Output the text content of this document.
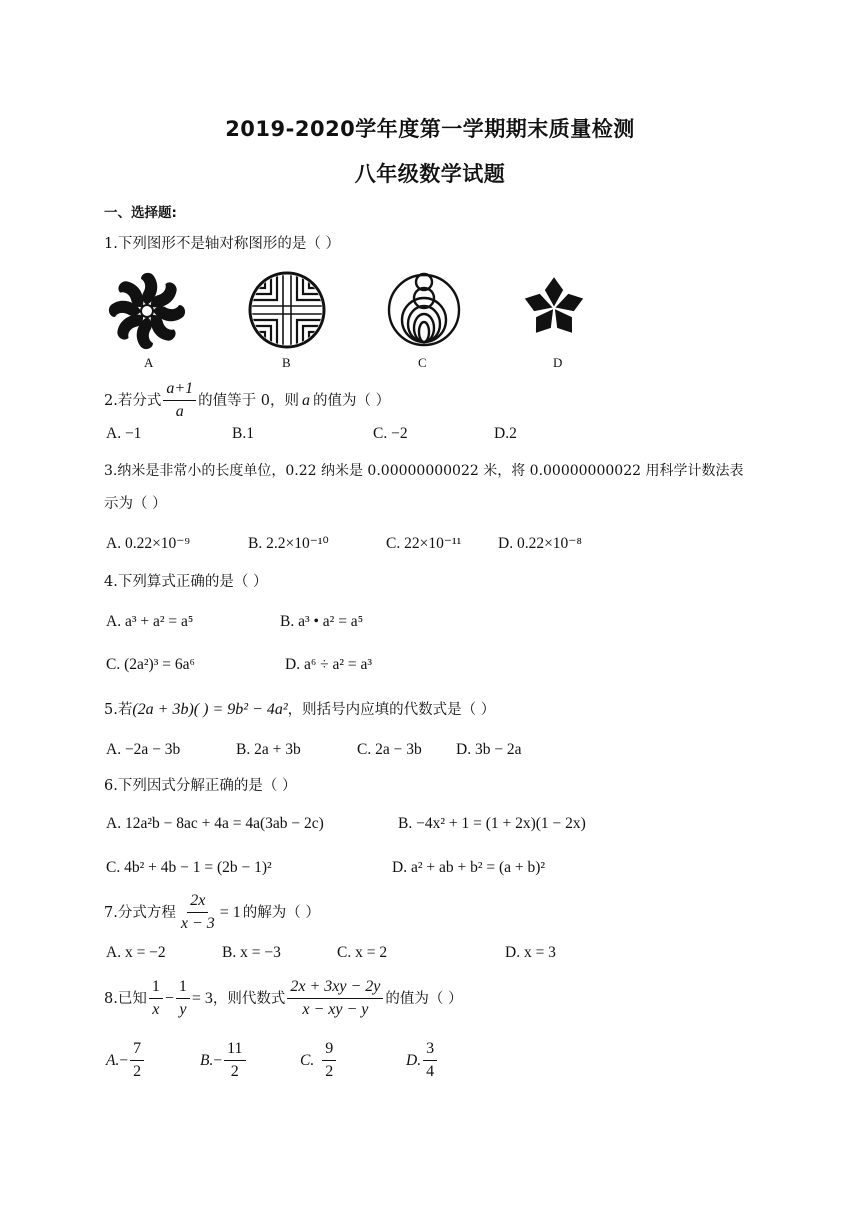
2019-2020学年度第一学期期末质量检测
八年级数学试题
一、选择题:
1.下列图形不是轴对称图形的是（ ）
A	B	C	D
2.若分式 $\frac{a+1}{a}$ 的值等于 0，则 a 的值为（ ）
A. −1	B.1	C. −2	D.2
3.纳米是非常小的长度单位，0.22 纳米是 0.00000000022 米，将 0.00000000022 用科学计数法表
示为（ ）
A. 0.22×10⁻⁹	B. 2.2×10⁻¹⁰	C. 22×10⁻¹¹ D. 0.22×10⁻⁸
4.下列算式正确的是（ ）
A. a³ + a² = a⁵	B. a³ • a² = a⁵
C. (2a²)³ = 6a⁶	D. a⁶ ÷ a² = a³
5.若(2a + 3b)( ) = 9b² − 4a²，则括号内应填的代数式是（ ）
A. −2a − 3b	B. 2a + 3b	C. 2a − 3b D. 3b − 2a
6.下列因式分解正确的是（ ）
A. 12a²b − 8ac + 4a = 4a(3ab − 2c)	B. −4x² + 1 = (1 + 2x)(1 − 2x)
C. 4b² + 4b − 1 = (2b − 1)²	D. a² + ab + b² = (a + b)²
7.分式方程 $\frac{2x}{x - 3} = 1$ 的解为（ ）
A. x = −2	B. x = −3	C. x = 2	D. x = 3
8.已知 $\frac{1}{x} - \frac{1}{y} = 3$ ，则代数式 $\frac{2x + 3xy - 2y}{x - xy - y}$ 的值为（ ）
A. − $\frac{7}{2}$	B. − $\frac{11}{2}$	C. $\frac{9}{2}$	D. $\frac{3}{4}$
